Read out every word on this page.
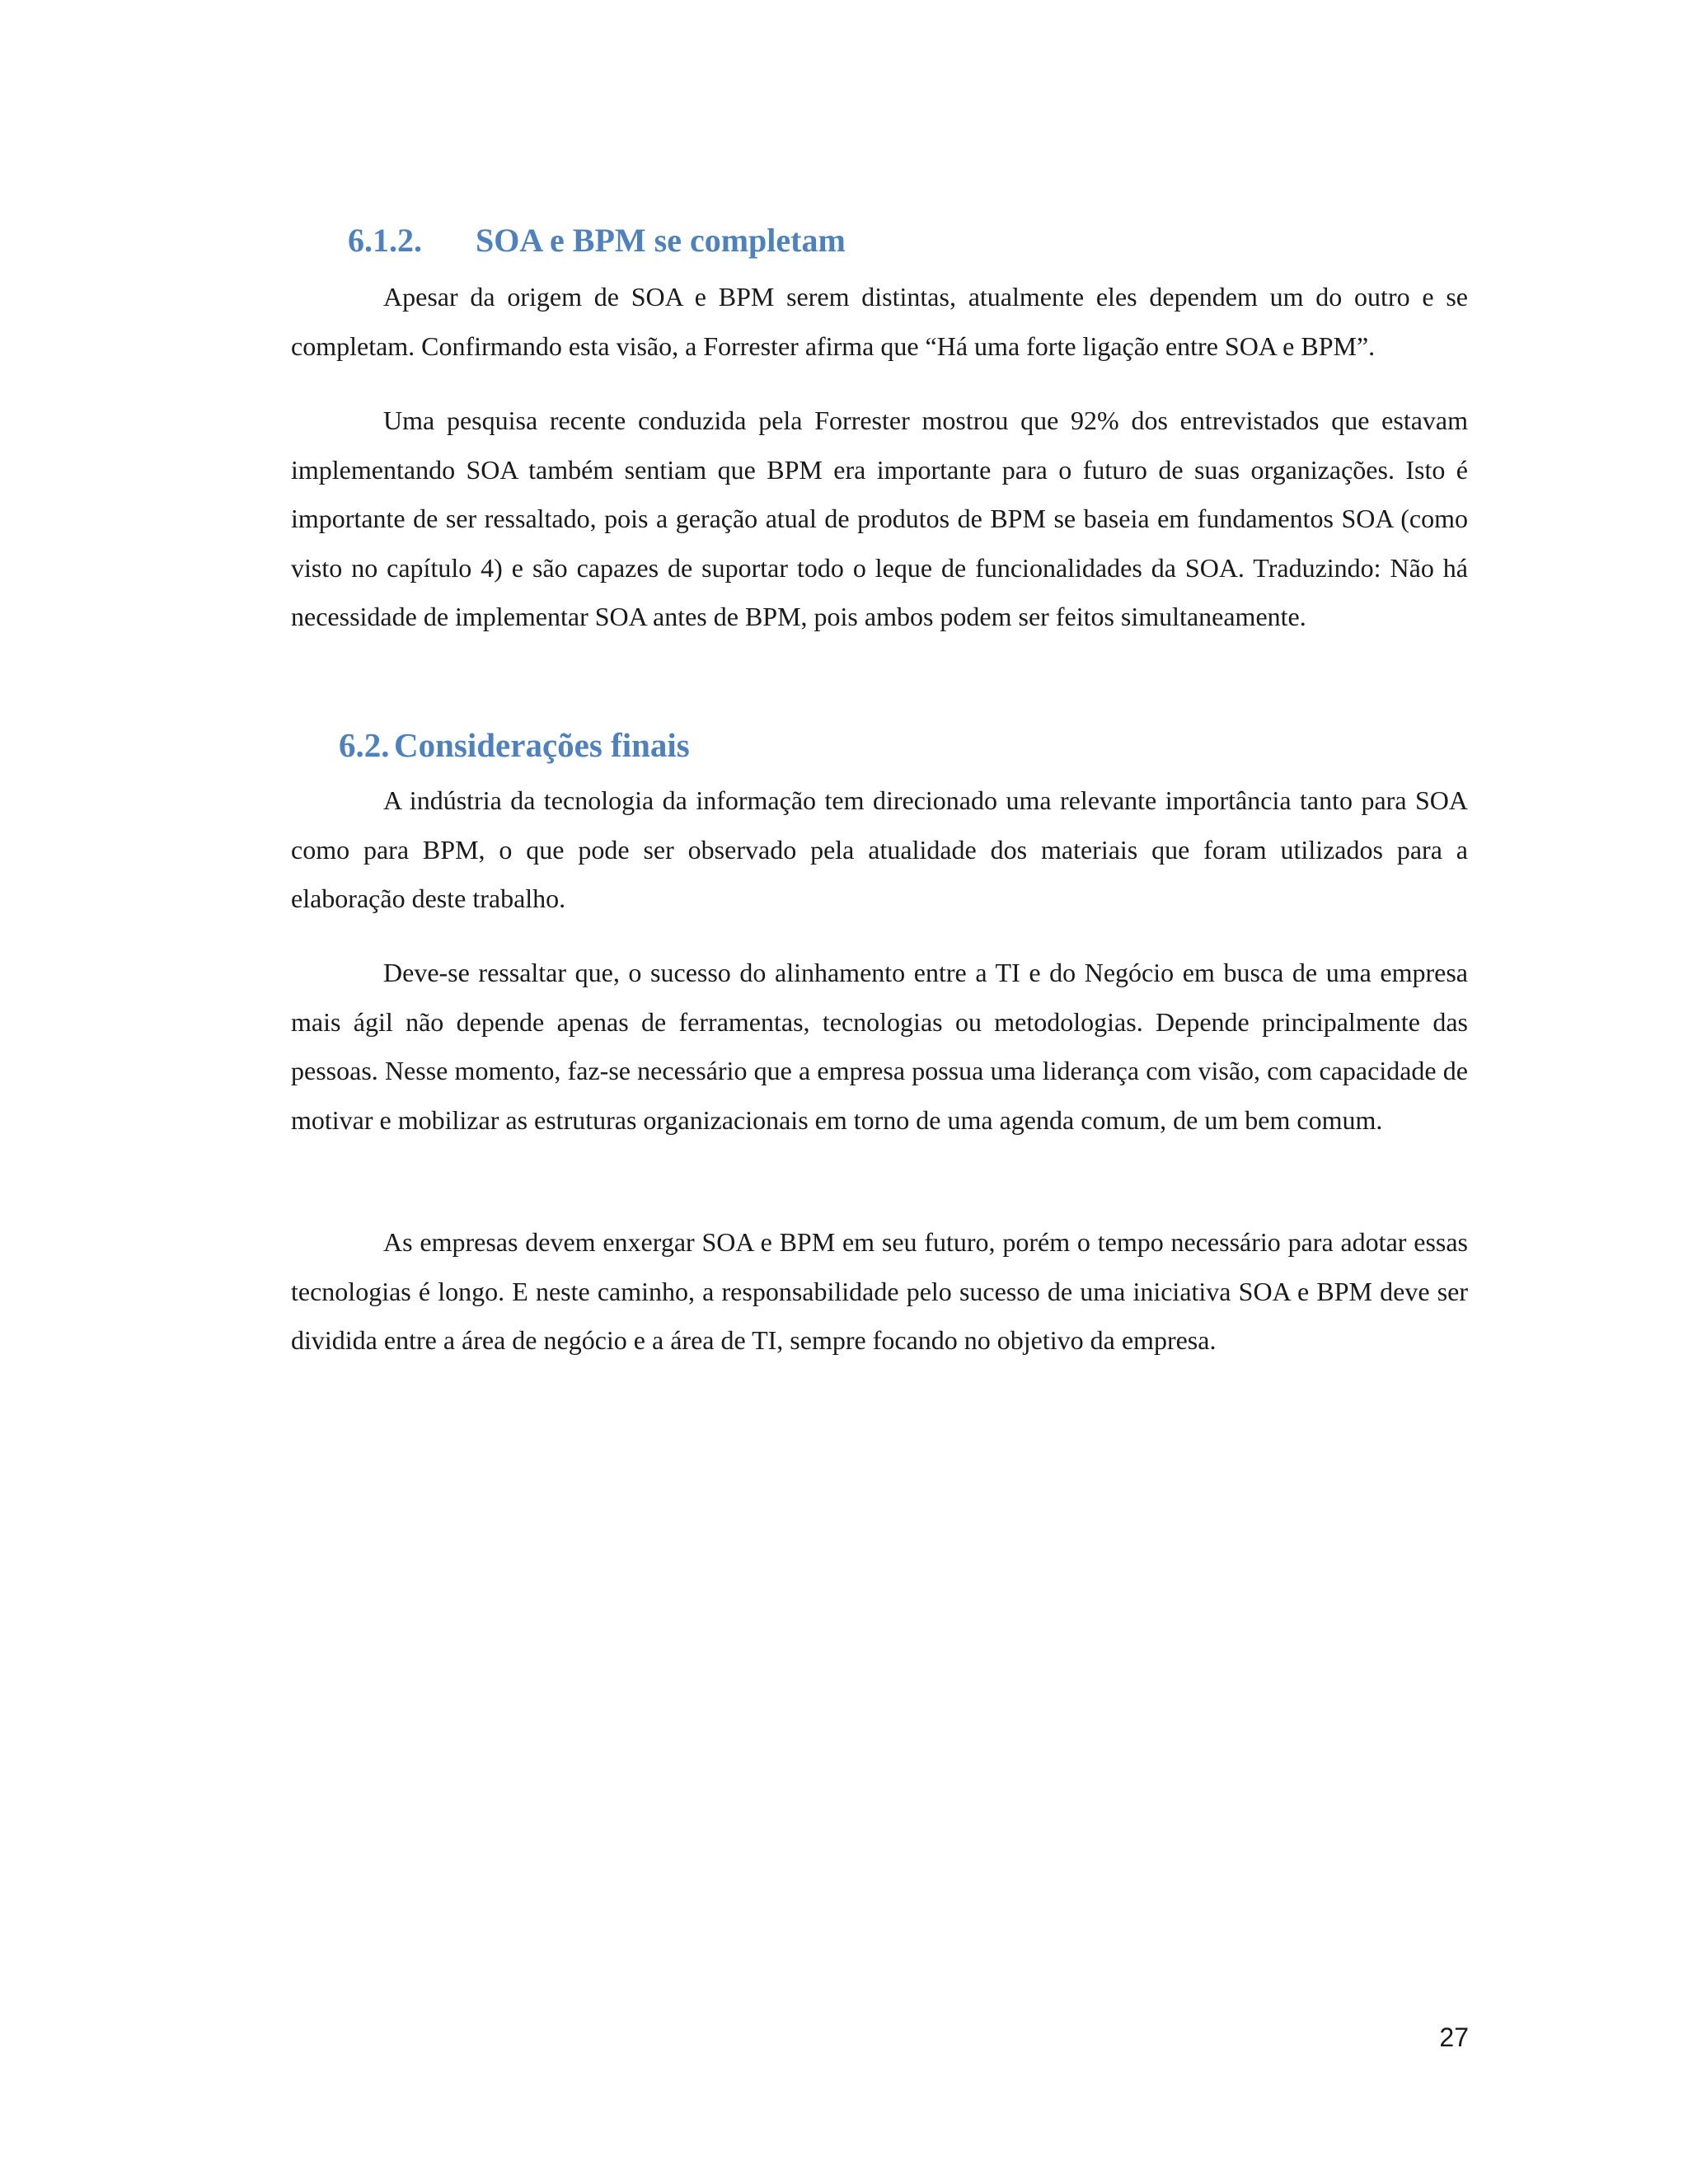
6.1.2. SOA e BPM se completam

Apesar da origem de SOA e BPM serem distintas, atualmente eles dependem um do outro e se completam. Confirmando esta visão, a Forrester afirma que “Há uma forte ligação entre SOA e BPM”.

Uma pesquisa recente conduzida pela Forrester mostrou que 92% dos entrevistados que estavam implementando SOA também sentiam que BPM era importante para o futuro de suas organizações. Isto é importante de ser ressaltado, pois a geração atual de produtos de BPM se baseia em fundamentos SOA (como visto no capítulo 4) e são capazes de suportar todo o leque de funcionalidades da SOA. Traduzindo: Não há necessidade de implementar SOA antes de BPM, pois ambos podem ser feitos simultaneamente.

6.2. Considerações finais

A indústria da tecnologia da informação tem direcionado uma relevante importância tanto para SOA como para BPM, o que pode ser observado pela atualidade dos materiais que foram utilizados para a elaboração deste trabalho.

Deve-se ressaltar que, o sucesso do alinhamento entre a TI e do Negócio em busca de uma empresa mais ágil não depende apenas de ferramentas, tecnologias ou metodologias. Depende principalmente das pessoas. Nesse momento, faz-se necessário que a empresa possua uma liderança com visão, com capacidade de motivar e mobilizar as estruturas organizacionais em torno de uma agenda comum, de um bem comum.

As empresas devem enxergar SOA e BPM em seu futuro, porém o tempo necessário para adotar essas tecnologias é longo. E neste caminho, a responsabilidade pelo sucesso de uma iniciativa SOA e BPM deve ser dividida entre a área de negócio e a área de TI, sempre focando no objetivo da empresa.

27
